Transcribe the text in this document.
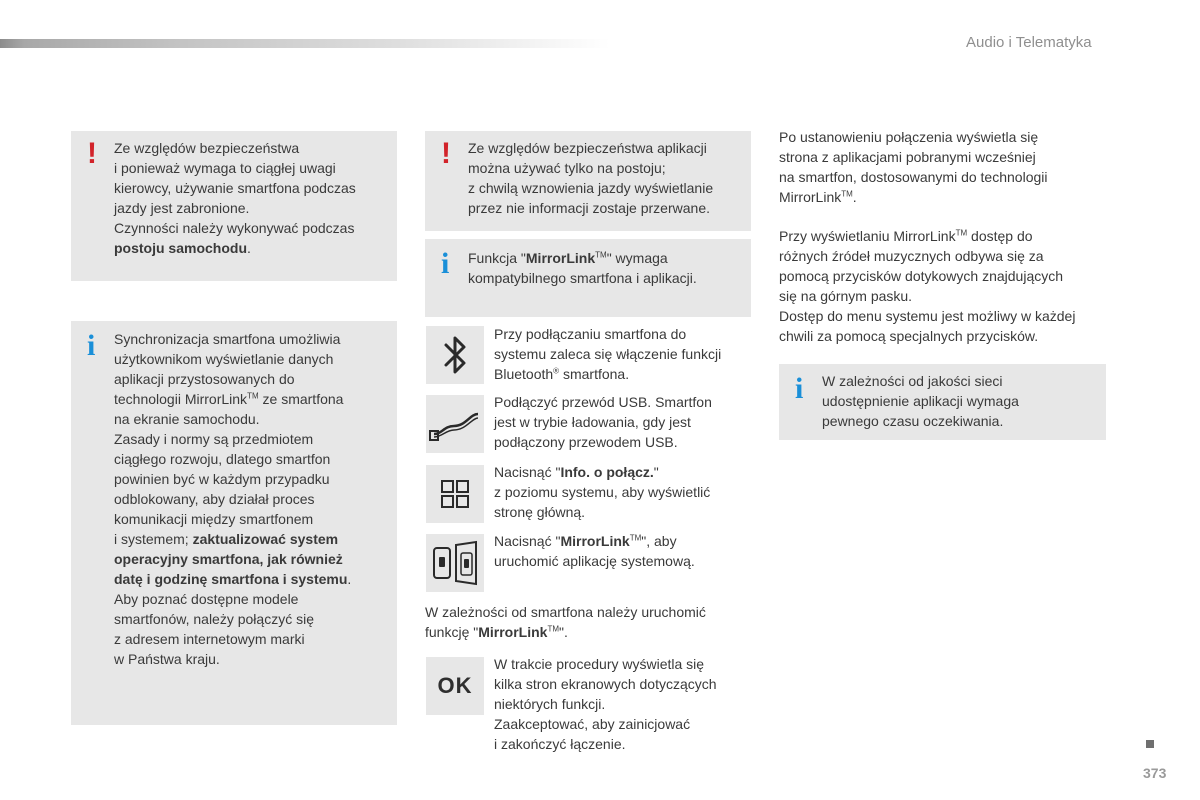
Audio i Telematyka
! Ze względów bezpieczeństwa

i ponieważ wymaga to ciągłej uwagi

kierowcy, używanie smartfona podczas

jazdy jest zabronione.

Czynności należy wykonywać podczas

postoju samochodu.

i Synchronizacja smartfona umożliwia

użytkownikom wyświetlanie danych

aplikacji przystosowanych do

technologii MirrorLink™ ze smartfona

na ekranie samochodu.

Zasady i normy są przedmiotem

ciągłego rozwoju, dlatego smartfon

powinien być w każdym przypadku

odblokowany, aby działał proces

komunikacji między smartfonem

i systemem; zaktualizować system

operacyjny smartfona, jak również

datę i godzinę smartfona i systemu.

Aby poznać dostępne modele

smartfonów, należy połączyć się

z adresem internetowym marki

w Państwa kraju.

! Ze względów bezpieczeństwa aplikacji

można używać tylko na postoju;

z chwilą wznowienia jazdy wyświetlanie

przez nie informacji zostaje przerwane.

i Funkcja "MirrorLink™" wymaga

kompatybilnego smartfona i aplikacji.

Przy podłączaniu smartfona do

systemu zaleca się włączenie funkcji

Bluetooth® smartfona.

Podłączyć przewód USB. Smartfon

jest w trybie ładowania, gdy jest

podłączony przewodem USB.

Nacisnąć "Info. o połącz."

z poziomu systemu, aby wyświetlić

stronę główną.

Nacisnąć "MirrorLink™", aby

uruchomić aplikację systemową.

W zależności od smartfona należy uruchomić

funkcję "MirrorLink™".

OK

W trakcie procedury wyświetla się

kilka stron ekranowych dotyczących

niektórych funkcji.

Zaakceptować, aby zainicjować

i zakończyć łączenie.

Po ustanowieniu połączenia wyświetla się

strona z aplikacjami pobranymi wcześniej

na smartfon, dostosowanymi do technologii

MirrorLink™.

Przy wyświetlaniu MirrorLink™ dostęp do

różnych źródeł muzycznych odbywa się za

pomocą przycisków dotykowych znajdujących

się na górnym pasku.

Dostęp do menu systemu jest możliwy w każdej

chwili za pomocą specjalnych przycisków.

i W zależności od jakości sieci

udostępnienie aplikacji wymaga

pewnego czasu oczekiwania.

373
